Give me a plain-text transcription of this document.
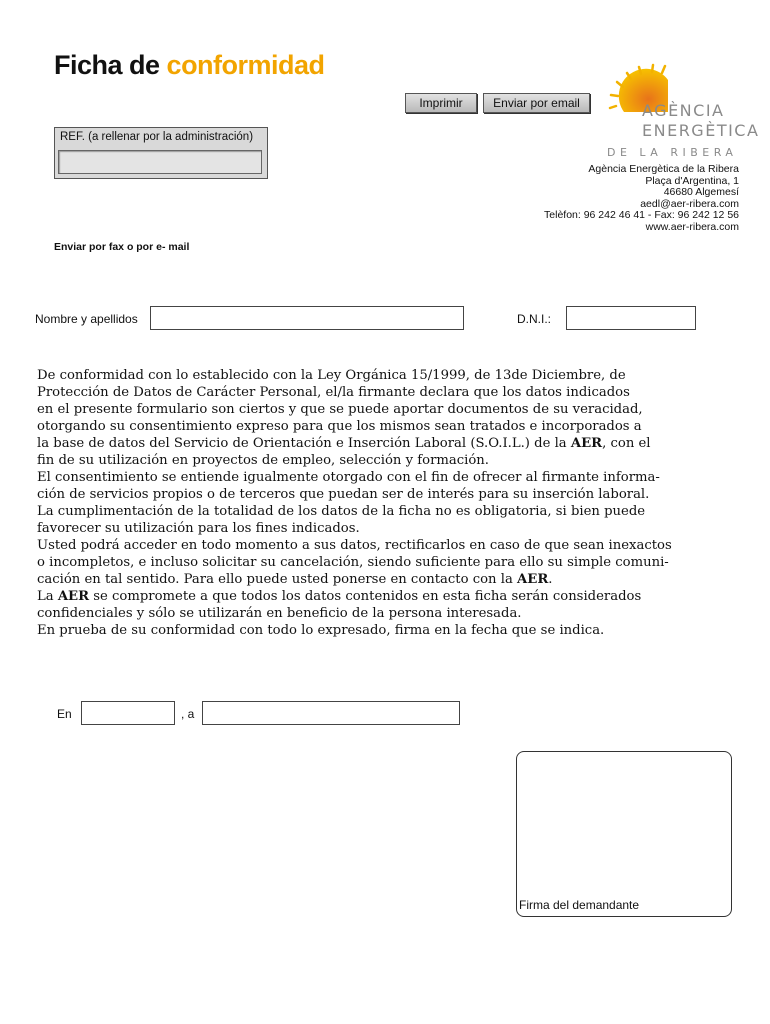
Ficha de conformidad
Imprimir	Enviar por email
REF. (a rellenar por la administración)
AGÈNCIA
ENERGÈTICA
DE LA RIBERA
Agència Energètica de la Ribera
Plaça d'Argentina, 1
46680 Algemesí
aedl@aer-ribera.com
Telèfon: 96 242 46 41 - Fax: 96 242 12 56
www.aer-ribera.com
Enviar por fax o por e- mail
Nombre y apellidos	D.N.I.:

De conformidad con lo establecido con la Ley Orgánica 15/1999, de 13de Diciembre, de

Protección de Datos de Carácter Personal, el/la firmante declara que los datos indicados

en el presente formulario son ciertos y que se puede aportar documentos de su veracidad,

otorgando su consentimiento expreso para que los mismos sean tratados e incorporados a

la base de datos del Servicio de Orientación e Inserción Laboral (S.O.I.L.) de la AER, con el

fin de su utilización en proyectos de empleo, selección y formación.

El consentimiento se entiende igualmente otorgado con el fin de ofrecer al firmante informa-

ción de servicios propios o de terceros que puedan ser de interés para su inserción laboral.

La cumplimentación de la totalidad de los datos de la ficha no es obligatoria, si bien puede

favorecer su utilización para los fines indicados.

Usted podrá acceder en todo momento a sus datos, rectificarlos en caso de que sean inexactos

o incompletos, e incluso solicitar su cancelación, siendo suficiente para ello su simple comuni-

cación en tal sentido. Para ello puede usted ponerse en contacto con la AER.

La AER se compromete a que todos los datos contenidos en esta ficha serán considerados

confidenciales y sólo se utilizarán en beneficio de la persona interesada.

En prueba de su conformidad con todo lo expresado, firma en la fecha que se indica.

En	, a
Firma del demandante
